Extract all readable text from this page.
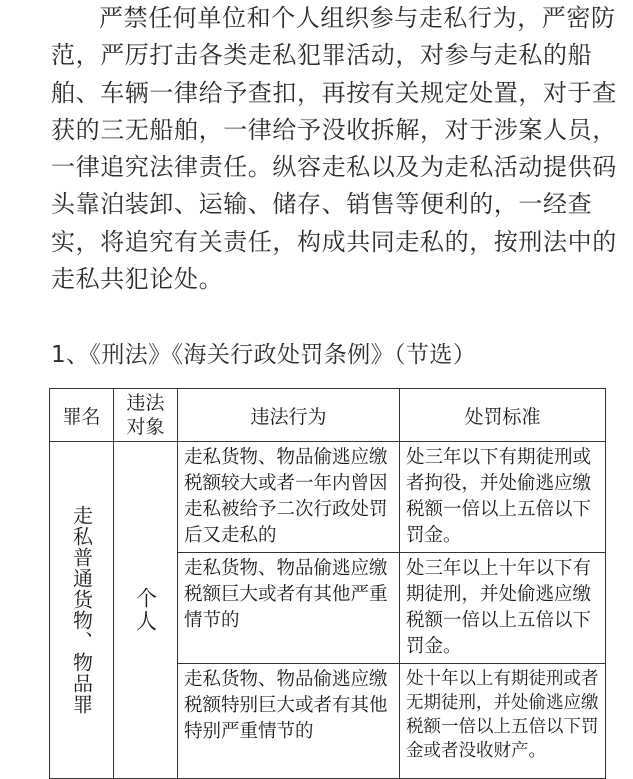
严禁任何单位和个人组织参与走私行为，严密防范，严厉打击各类走私犯罪活动，对参与走私的船舶、车辆一律给予查扣，再按有关规定处置，对于查获的三无船舶，一律给予没收拆解，对于涉案人员，一律追究法律责任。纵容走私以及为走私活动提供码头靠泊装卸、运输、储存、销售等便利的，一经查实，将追究有关责任，构成共同走私的，按刑法中的走私共犯论处。

1、《刑法》《海关行政处罚条例》（节选）

罪名	违法对象	违法行为	处罚标准

走私普通货物、物品罪	个人	走私货物、物品偷逃应缴税额较大或者一年内曾因走私被给予二次行政处罚后又走私的	处三年以下有期徒刑或者拘役，并处偷逃应缴税额一倍以上五倍以下罚金。

		走私货物、物品偷逃应缴税额巨大或者有其他严重情节的	处三年以上十年以下有期徒刑，并处偷逃应缴税额一倍以上五倍以下罚金。

		走私货物、物品偷逃应缴税额特别巨大或者有其他特别严重情节的	处十年以上有期徒刑或者无期徒刑，并处偷逃应缴税额一倍以上五倍以下罚金或者没收财产。
